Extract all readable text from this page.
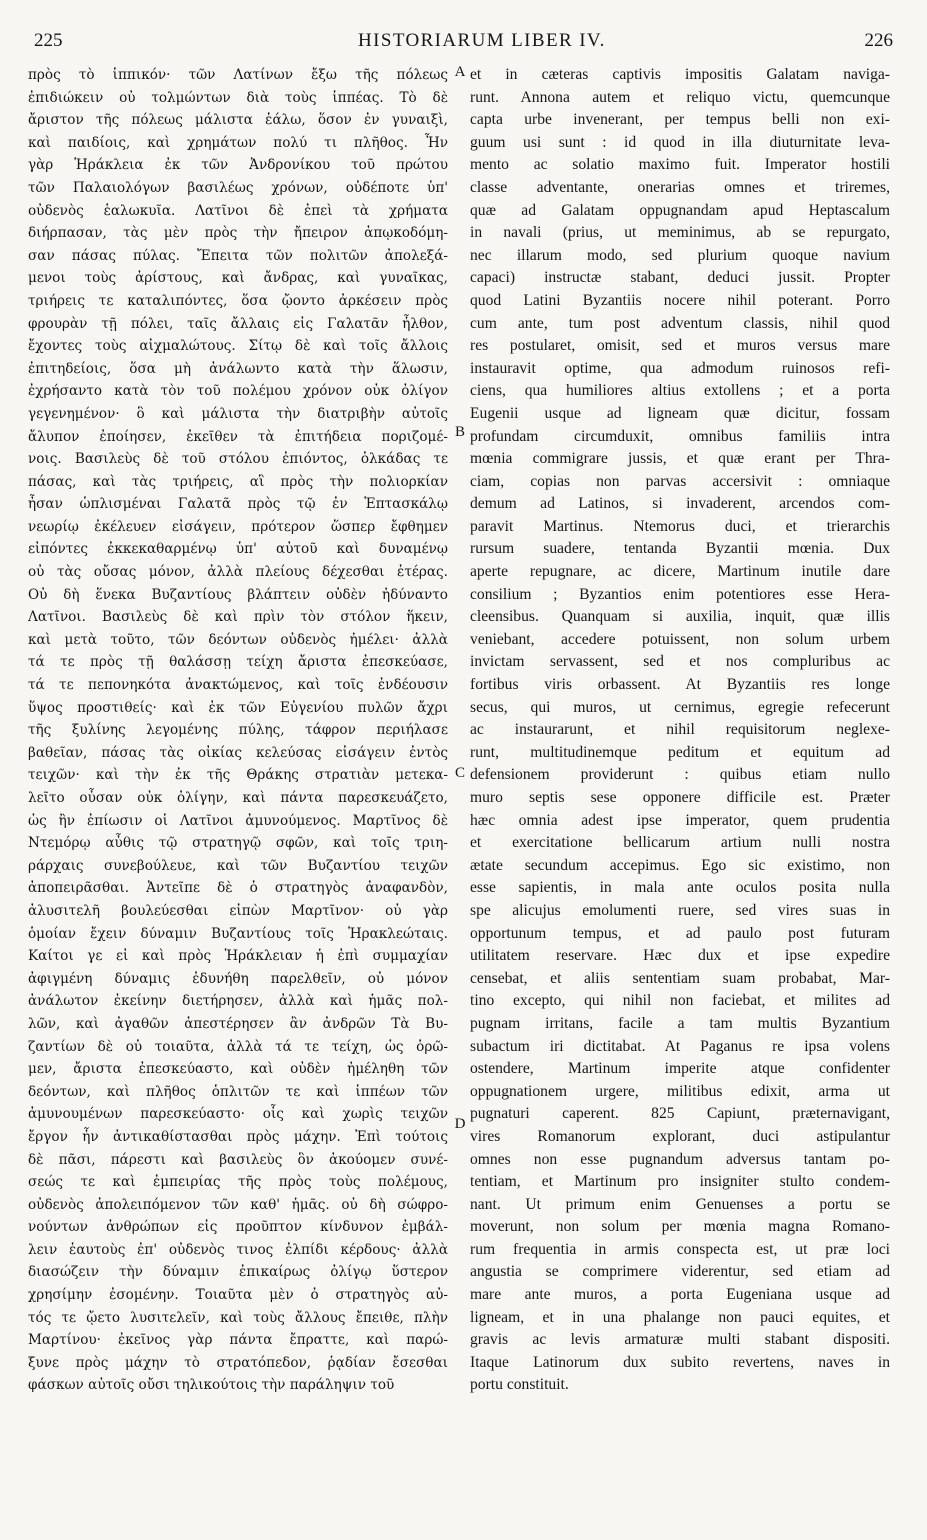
225	HISTORIARUM LIBER IV.	226
πρὸς τὸ ἱππικόν· τῶν Λατίνων ἔξω τῆς πόλεως
ἐπιδιώκειν οὐ τολμώντων διὰ τοὺς ἱππέας. Τὸ δὲ
ἄριστον τῆς πόλεως μάλιστα ἑάλω, ὅσον ἐν γυναιξὶ,
καὶ παιδίοις, καὶ χρημάτων πολύ τι πλῆθος. Ἦν
γὰρ Ἡράκλεια ἐκ τῶν Ἀνδρονίκου τοῦ πρώτου
τῶν Παλαιολόγων βασιλέως χρόνων, οὐδέποτε ὑπ'
οὐδενὸς ἑαλωκυῖα. Λατῖνοι δὲ ἐπεὶ τὰ χρήματα
διήρπασαν, τὰς μὲν πρὸς τὴν ἤπειρον ἀπῳκοδόμη-
σαν πάσας πύλας. Ἔπειτα τῶν πολιτῶν ἀπολεξά-
μενοι τοὺς ἀρίστους, καὶ ἄνδρας, καὶ γυναῖκας,
τριήρεις τε καταλιπόντες, ὅσα ᾤοντο ἀρκέσειν πρὸς
φρουρὰν τῇ πόλει, ταῖς ἄλλαις εἰς Γαλατᾶν ἦλθον,
ἔχοντες τοὺς αἰχμαλώτους. Σίτῳ δὲ καὶ τοῖς ἄλλοις
ἐπιτηδείοις, ὅσα μὴ ἀνάλωντο κατὰ τὴν ἅλωσιν,
ἐχρήσαντο κατὰ τὸν τοῦ πολέμου χρόνον οὐκ ὀλίγον
γεγενημένον· ὃ καὶ μάλιστα τὴν διατριβὴν αὐτοῖς
ἄλυπον ἐποίησεν, ἐκεῖθεν τὰ ἐπιτήδεια ποριζομέ-
νοις. Βασιλεὺς δὲ τοῦ στόλου ἐπιόντος, ὁλκάδας τε
πάσας, καὶ τὰς τριήρεις, αἳ πρὸς τὴν πολιορκίαν
ἦσαν ὡπλισμέναι Γαλατᾶ πρὸς τῷ ἐν Ἑπτασκάλῳ
νεωρίῳ ἐκέλευεν εἰσάγειν, πρότερον ὥσπερ ἔφθημεν
εἰπόντες ἐκκεκαθαρμένῳ ὑπ' αὐτοῦ καὶ δυναμένῳ
οὐ τὰς οὔσας μόνον, ἀλλὰ πλείους δέχεσθαι ἑτέρας.
Οὐ δὴ ἕνεκα Βυζαντίους βλάπτειν οὐδὲν ἠδύναντο
Λατῖνοι. Βασιλεὺς δὲ καὶ πρὶν τὸν στόλον ἥκειν,
καὶ μετὰ τοῦτο, τῶν δεόντων οὐδενὸς ἠμέλει· ἀλλὰ
τά τε πρὸς τῇ θαλάσσῃ τείχη ἄριστα ἐπεσκεύασε,
τά τε πεπονηκότα ἀνακτώμενος, καὶ τοῖς ἐνδέουσιν
ὕψος προστιθείς· καὶ ἐκ τῶν Εὐγενίου πυλῶν ἄχρι
τῆς ξυλίνης λεγομένης πύλης, τάφρον περιήλασε
βαθεῖαν, πάσας τὰς οἰκίας κελεύσας εἰσάγειν ἐντὸς
τειχῶν· καὶ τὴν ἐκ τῆς Θράκης στρατιὰν μετεκα-
λεῖτο οὖσαν οὐκ ὀλίγην, καὶ πάντα παρεσκευάζετο,
ὡς ἢν ἐπίωσιν οἱ Λατῖνοι ἀμυνούμενος. Μαρτῖνος δὲ
Ντεμόρῳ αὖθις τῷ στρατηγῷ σφῶν, καὶ τοῖς τριη-
ράρχαις συνεβούλευε, καὶ τῶν Βυζαντίου τειχῶν
ἀποπειρᾶσθαι. Ἀντεῖπε δὲ ὁ στρατηγὸς ἀναφανδὸν,
ἀλυσιτελῆ βουλεύεσθαι εἰπὼν Μαρτῖνον· οὐ γὰρ
ὁμοίαν ἔχειν δύναμιν Βυζαντίους τοῖς Ἡρακλεώταις.
Καίτοι γε εἰ καὶ πρὸς Ἡράκλειαν ἡ ἐπὶ συμμαχίαν
ἀφιγμένη δύναμις ἐδυνήθη παρελθεῖν, οὐ μόνον
ἀνάλωτον ἐκείνην διετήρησεν, ἀλλὰ καὶ ἡμᾶς πολ-
λῶν, καὶ ἀγαθῶν ἀπεστέρησεν ἂν ἀνδρῶν Τὰ Βυ-
ζαντίων δὲ οὐ τοιαῦτα, ἀλλὰ τά τε τείχη, ὡς ὁρῶ-
μεν, ἄριστα ἐπεσκεύαστο, καὶ οὐδὲν ἠμέληθη τῶν
δεόντων, καὶ πλῆθος ὁπλιτῶν τε καὶ ἱππέων τῶν
ἀμυνουμένων παρεσκεύαστο· οἷς καὶ χωρὶς τειχῶν
ἔργον ἦν ἀντικαθίστασθαι πρὸς μάχην. Ἐπὶ τούτοις
δὲ πᾶσι, πάρεστι καὶ βασιλεὺς ὃν ἀκούομεν συνέ-
σεώς τε καὶ ἐμπειρίας τῆς πρὸς τοὺς πολέμους,
οὐδενὸς ἀπολειπόμενον τῶν καθ' ἡμᾶς. οὐ δὴ σώφρο-
νούντων ἀνθρώπων εἰς προῦπτον κίνδυνον ἐμβάλ-
λειν ἑαυτοὺς ἐπ' οὐδενὸς τινος ἐλπίδι κέρδους· ἀλλὰ
διασώζειν τὴν δύναμιν ἐπικαίρως ὀλίγῳ ὕστερον
χρησίμην ἐσομένην. Τοιαῦτα μὲν ὁ στρατηγὸς αὐ-
τός τε ᾤετο λυσιτελεῖν, καὶ τοὺς ἄλλους ἔπειθε, πλὴν
Μαρτίνου· ἐκεῖνος γὰρ πάντα ἔπραττε, καὶ παρώ-
ξυνε πρὸς μάχην τὸ στρατόπεδον, ῥᾳδίαν ἔσεσθαι
φάσκων αὐτοῖς οὔσι τηλικούτοις τὴν παράληψιν τοῦ
A
B
C
D
et in cæteras captivis impositis Galatam naviga-
runt. Annona autem et reliquo victu, quemcunque
capta urbe invenerant, per tempus belli non exi-
guum usi sunt : id quod in illa diuturnitate leva-
mento ac solatio maximo fuit. Imperator hostili
classe adventante, onerarias omnes et triremes,
quæ ad Galatam oppugnandam apud Heptascalum
in navali (prius, ut meminimus, ab se repurgato,
nec illarum modo, sed plurium quoque navium
capaci) instructæ stabant, deduci jussit. Propter
quod Latini Byzantiis nocere nihil poterant. Porro
cum ante, tum post adventum classis, nihil quod
res postularet, omisit, sed et muros versus mare
instauravit optime, qua admodum ruinosos refi-
ciens, qua humiliores altius extollens ; et a porta
Eugenii usque ad ligneam quæ dicitur, fossam
profundam circumduxit, omnibus familiis intra
mœnia commigrare jussis, et quæ erant per Thra-
ciam, copias non parvas accersivit : omniaque
demum ad Latinos, si invaderent, arcendos com-
paravit Martinus. Ntemorus duci, et trierarchis
rursum suadere, tentanda Byzantii mœnia. Dux
aperte repugnare, ac dicere, Martinum inutile dare
consilium ; Byzantios enim potentiores esse Hera-
cleensibus. Quanquam si auxilia, inquit, quæ illis
veniebant, accedere potuissent, non solum urbem
invictam servassent, sed et nos compluribus ac
fortibus viris orbassent. At Byzantiis res longe
secus, qui muros, ut cernimus, egregie refecerunt
ac instaurarunt, et nihil requisitorum neglexe-
runt, multitudinemque peditum et equitum ad
defensionem providerunt : quibus etiam nullo
muro septis sese opponere difficile est. Præter
hæc omnia adest ipse imperator, quem prudentia
et exercitatione bellicarum artium nulli nostra
ætate secundum accepimus. Ego sic existimo, non
esse sapientis, in mala ante oculos posita nulla
spe alicujus emolumenti ruere, sed vires suas in
opportunum tempus, et ad paulo post futuram
utilitatem reservare. Hæc dux et ipse expedire
censebat, et aliis sententiam suam probabat, Mar-
tino excepto, qui nihil non faciebat, et milites ad
pugnam irritans, facile a tam multis Byzantium
subactum iri dictitabat. At Paganus re ipsa volens
ostendere, Martinum imperite atque confidenter
oppugnationem urgere, militibus edixit, arma ut
pugnaturi caperent. 825 Capiunt, præternavigant,
vires Romanorum explorant, duci astipulantur
omnes non esse pugnandum adversus tantam po-
tentiam, et Martinum pro insigniter stulto condem-
nant. Ut primum enim Genuenses a portu se
moverunt, non solum per mœnia magna Romano-
rum frequentia in armis conspecta est, ut præ loci
angustia se comprimere viderentur, sed etiam ad
mare ante muros, a porta Eugeniana usque ad
ligneam, et in una phalange non pauci equites, et
gravis ac levis armaturæ multi stabant dispositi.
Itaque Latinorum dux subito revertens, naves in
portu constituit.
